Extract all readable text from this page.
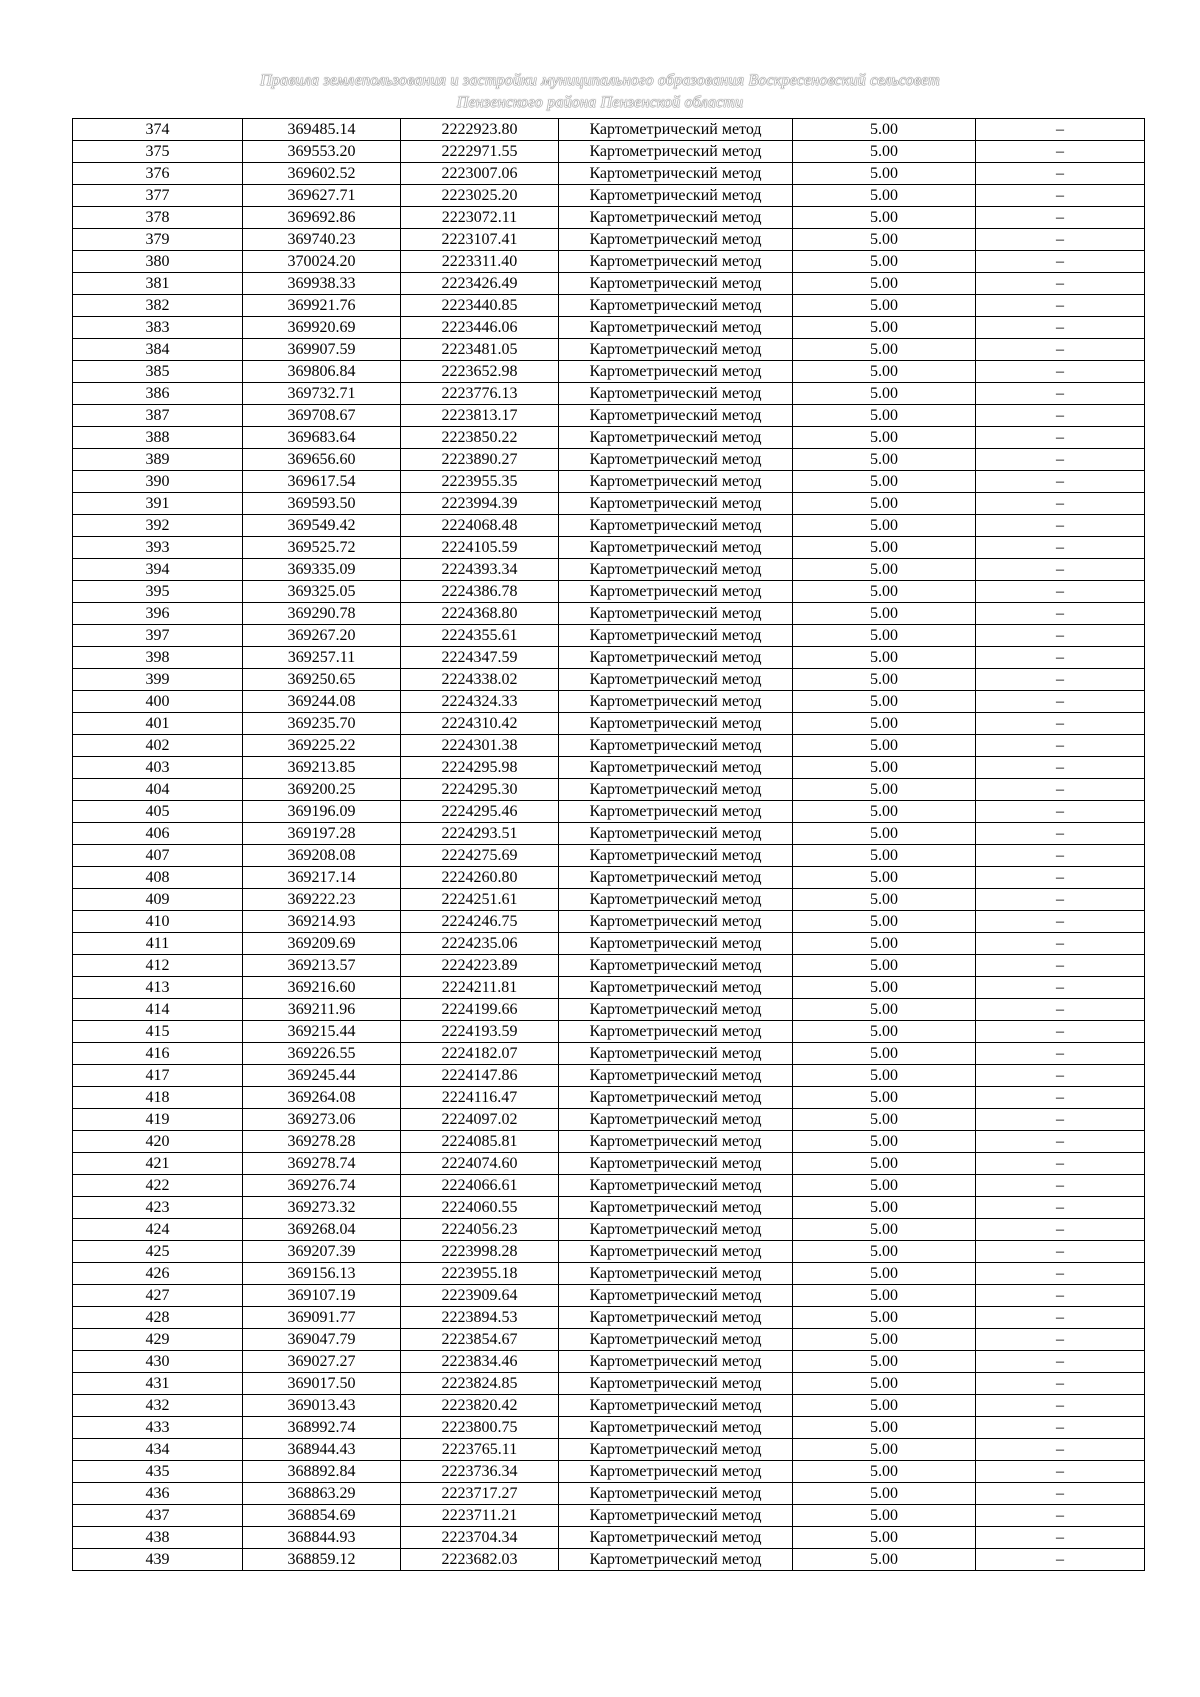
Правила землепользования и застройки муниципального образования Воскресеновский сельсовет
Пензенского района Пензенской области
374	369485.14	2222923.80	Картометрический метод	5.00	–
375	369553.20	2222971.55	Картометрический метод	5.00	–
376	369602.52	2223007.06	Картометрический метод	5.00	–
377	369627.71	2223025.20	Картометрический метод	5.00	–
378	369692.86	2223072.11	Картометрический метод	5.00	–
379	369740.23	2223107.41	Картометрический метод	5.00	–
380	370024.20	2223311.40	Картометрический метод	5.00	–
381	369938.33	2223426.49	Картометрический метод	5.00	–
382	369921.76	2223440.85	Картометрический метод	5.00	–
383	369920.69	2223446.06	Картометрический метод	5.00	–
384	369907.59	2223481.05	Картометрический метод	5.00	–
385	369806.84	2223652.98	Картометрический метод	5.00	–
386	369732.71	2223776.13	Картометрический метод	5.00	–
387	369708.67	2223813.17	Картометрический метод	5.00	–
388	369683.64	2223850.22	Картометрический метод	5.00	–
389	369656.60	2223890.27	Картометрический метод	5.00	–
390	369617.54	2223955.35	Картометрический метод	5.00	–
391	369593.50	2223994.39	Картометрический метод	5.00	–
392	369549.42	2224068.48	Картометрический метод	5.00	–
393	369525.72	2224105.59	Картометрический метод	5.00	–
394	369335.09	2224393.34	Картометрический метод	5.00	–
395	369325.05	2224386.78	Картометрический метод	5.00	–
396	369290.78	2224368.80	Картометрический метод	5.00	–
397	369267.20	2224355.61	Картометрический метод	5.00	–
398	369257.11	2224347.59	Картометрический метод	5.00	–
399	369250.65	2224338.02	Картометрический метод	5.00	–
400	369244.08	2224324.33	Картометрический метод	5.00	–
401	369235.70	2224310.42	Картометрический метод	5.00	–
402	369225.22	2224301.38	Картометрический метод	5.00	–
403	369213.85	2224295.98	Картометрический метод	5.00	–
404	369200.25	2224295.30	Картометрический метод	5.00	–
405	369196.09	2224295.46	Картометрический метод	5.00	–
406	369197.28	2224293.51	Картометрический метод	5.00	–
407	369208.08	2224275.69	Картометрический метод	5.00	–
408	369217.14	2224260.80	Картометрический метод	5.00	–
409	369222.23	2224251.61	Картометрический метод	5.00	–
410	369214.93	2224246.75	Картометрический метод	5.00	–
411	369209.69	2224235.06	Картометрический метод	5.00	–
412	369213.57	2224223.89	Картометрический метод	5.00	–
413	369216.60	2224211.81	Картометрический метод	5.00	–
414	369211.96	2224199.66	Картометрический метод	5.00	–
415	369215.44	2224193.59	Картометрический метод	5.00	–
416	369226.55	2224182.07	Картометрический метод	5.00	–
417	369245.44	2224147.86	Картометрический метод	5.00	–
418	369264.08	2224116.47	Картометрический метод	5.00	–
419	369273.06	2224097.02	Картометрический метод	5.00	–
420	369278.28	2224085.81	Картометрический метод	5.00	–
421	369278.74	2224074.60	Картометрический метод	5.00	–
422	369276.74	2224066.61	Картометрический метод	5.00	–
423	369273.32	2224060.55	Картометрический метод	5.00	–
424	369268.04	2224056.23	Картометрический метод	5.00	–
425	369207.39	2223998.28	Картометрический метод	5.00	–
426	369156.13	2223955.18	Картометрический метод	5.00	–
427	369107.19	2223909.64	Картометрический метод	5.00	–
428	369091.77	2223894.53	Картометрический метод	5.00	–
429	369047.79	2223854.67	Картометрический метод	5.00	–
430	369027.27	2223834.46	Картометрический метод	5.00	–
431	369017.50	2223824.85	Картометрический метод	5.00	–
432	369013.43	2223820.42	Картометрический метод	5.00	–
433	368992.74	2223800.75	Картометрический метод	5.00	–
434	368944.43	2223765.11	Картометрический метод	5.00	–
435	368892.84	2223736.34	Картометрический метод	5.00	–
436	368863.29	2223717.27	Картометрический метод	5.00	–
437	368854.69	2223711.21	Картометрический метод	5.00	–
438	368844.93	2223704.34	Картометрический метод	5.00	–
439	368859.12	2223682.03	Картометрический метод	5.00	–
